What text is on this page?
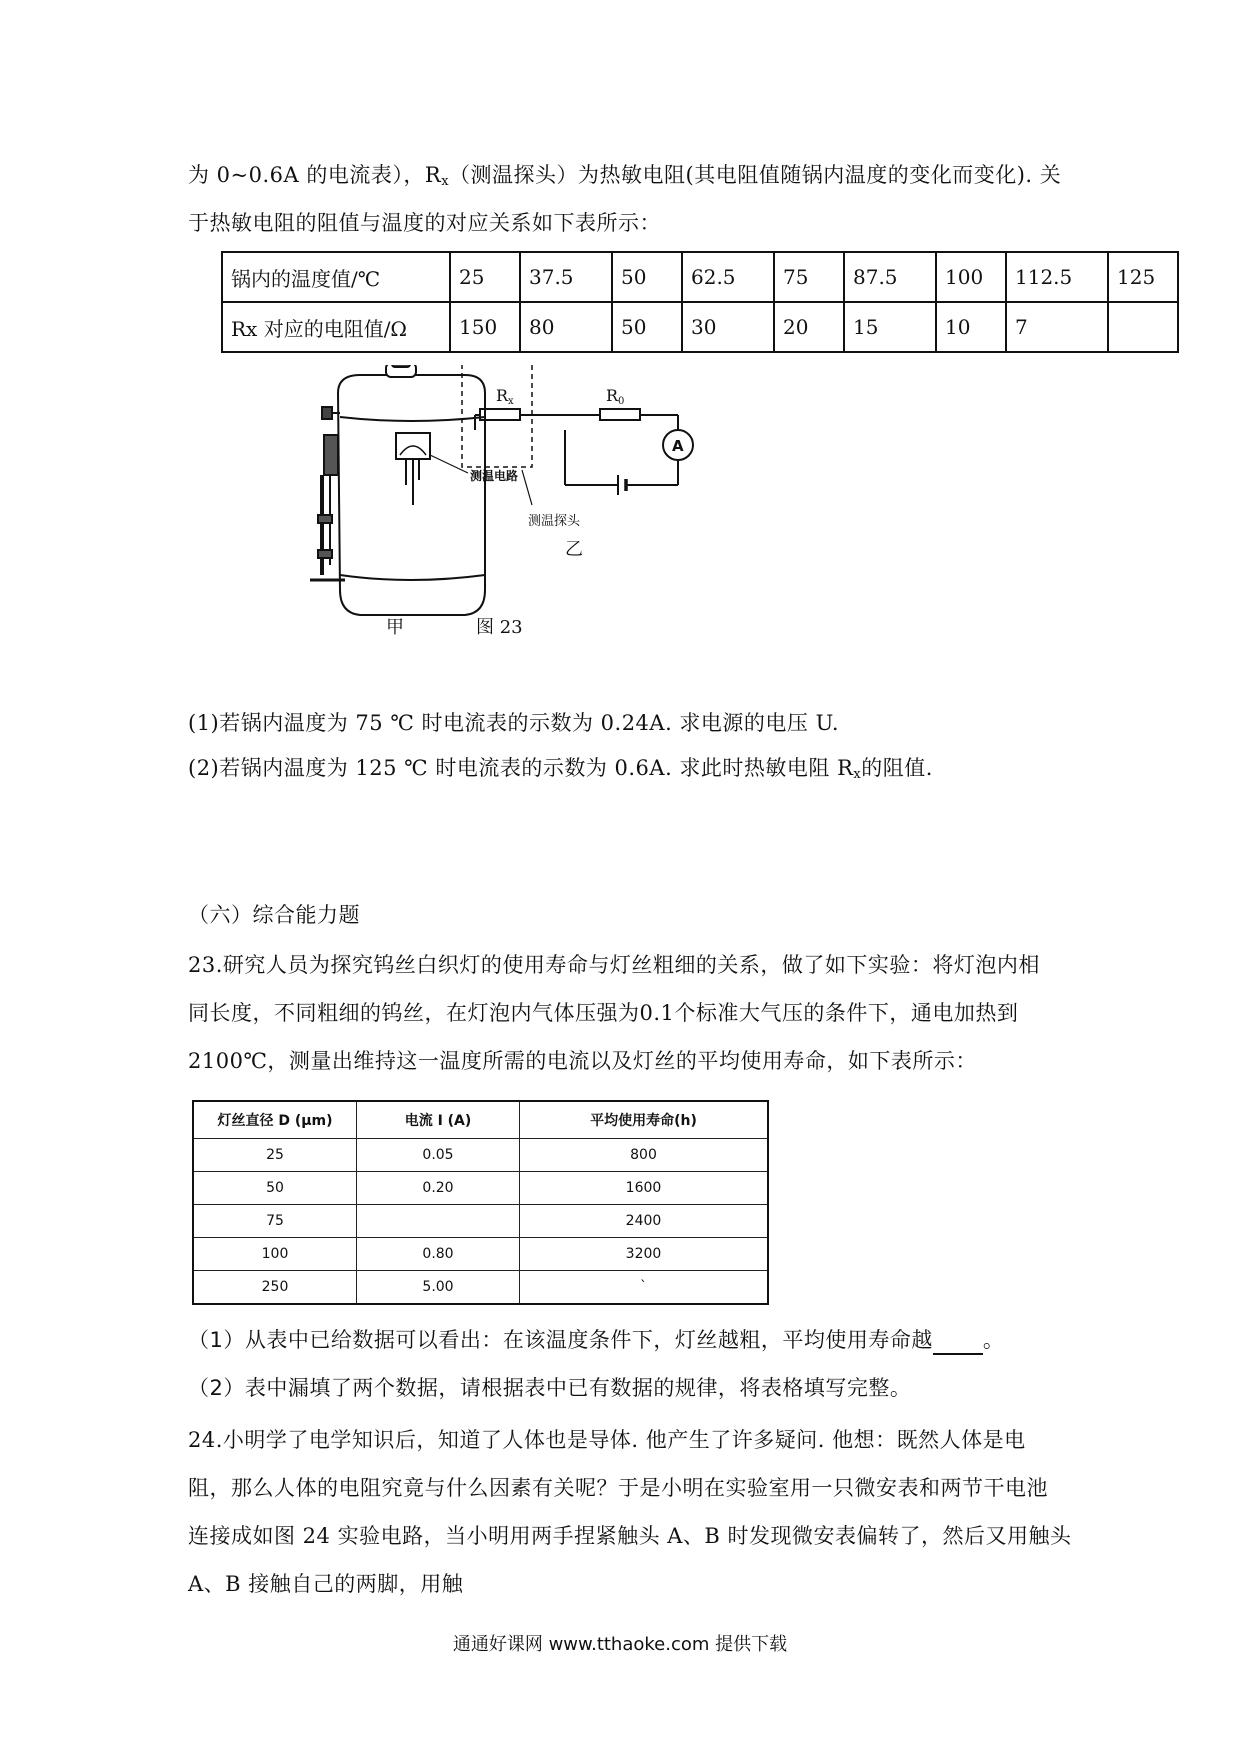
为 0~0.6A 的电流表），Rx（测温探头）为热敏电阻(其电阻值随锅内温度的变化而变化). 关
于热敏电阻的阻值与温度的对应关系如下表所示：
锅内的温度值/℃	25	37.5	50	62.5	75	87.5	100	112.5	125
Rx 对应的电阻值/Ω	150	80	50	30	20	15	10	7	
测温电路
Rx	R0
A
测温探头
乙
甲	图 23
(1)若锅内温度为 75 ℃ 时电流表的示数为 0.24A. 求电源的电压 U.
(2)若锅内温度为 125 ℃ 时电流表的示数为 0.6A. 求此时热敏电阻 Rx的阻值.
（六）综合能力题
23.研究人员为探究钨丝白织灯的使用寿命与灯丝粗细的关系，做了如下实验：将灯泡内相
同长度，不同粗细的钨丝，在灯泡内气体压强为0.1个标准大气压的条件下，通电加热到
2100℃，测量出维持这一温度所需的电流以及灯丝的平均使用寿命，如下表所示：
灯丝直径 D (μm)	电流 I (A)	平均使用寿命(h)
25	0.05	800
50	0.20	1600
75		2400
100	0.80	3200
250	5.00	`
（1）从表中已给数据可以看出：在该温度条件下，灯丝越粗，平均使用寿命越 。
（2）表中漏填了两个数据，请根据表中已有数据的规律，将表格填写完整。
24.小明学了电学知识后，知道了人体也是导体. 他产生了许多疑问. 他想：既然人体是电
阻，那么人体的电阻究竟与什么因素有关呢？于是小明在实验室用一只微安表和两节干电池
连接成如图 24 实验电路，当小明用两手捏紧触头 A、B 时发现微安表偏转了，然后又用触头
A、B 接触自己的两脚，用触
通通好课网 www.tthaoke.com 提供下载
